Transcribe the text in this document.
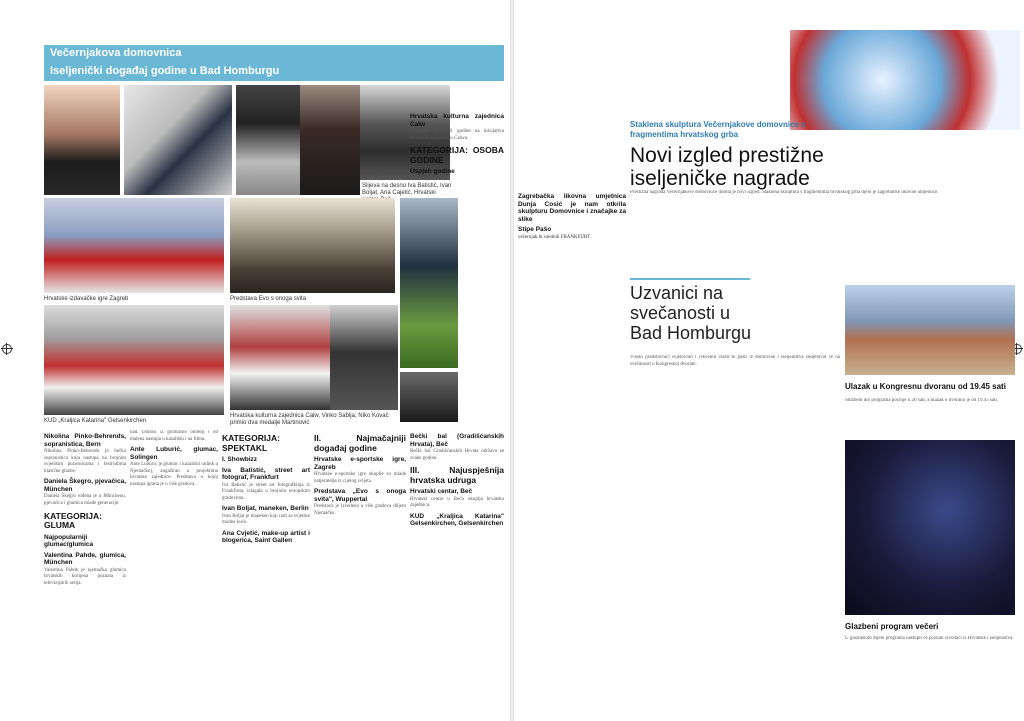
Večernjakova domovnica
Iseljenički događaj godine u Bad Homburgu
Slijeva na desno Iva Batistić, Ivan Boljat, Ana Cajetić, Hrvatski
Hrvatske izdavačke igre Zagreb	Predstava Evo s onoga svita
KUD „Kraljica Katarina" Gelsenkirchen
Hrvatska kulturna zajednica Calw, Vinko Sablja, Niko Kovač primio dva medalje Martinović
Nikolina Pinko-Behrends, sopranistica, Bern

Nikolina Pinko-Behrends je bečka sopranistica koja nastupa na brojnim svjetskim pozornicama i festivalima klasične glazbe.

Daniela Škegro, pjevačica, München

Daniela Škegro rođena je u Münchenu, pjevačica i glumica mlađe generacije.

KATEGORIJA: GLUMA
Najpopularniji glumac/glumica
Valentina Pahde, glumica, München

Valentina Pahde je njemačka glumica hrvatskih korijena poznata iz televizijskih serija.

nad. Donosi iz glumačke obitelji i od malena nastupa u kazalištu i na filmu.

Ante Luburić, glumac, Solingen

Ante Luburić je glumac i kazališni radnik u Njemačkoj, angažiran u projektima hrvatske zajednice. Predstava u kojoj nastupa igrana je u više gradova.

KATEGORIJA: SPEKTAKL
I. Showbizz
Iva Batistić, street art fotograf, Frankfurt

Iva Batistić je street art fotografkinja iz Frankfurta, izlagala u brojnim europskim gradovima.

Ivan Boljat, maneken, Berlin

Ivan Boljat je maneken koji radi za svjetske modne kuće.

Ana Cvjetić, make-up artist i blogerica, Saint Gallen
II. Najmačajniji događaj godine
Hrvatske e-sportske igre, Zagreb

Hrvatske e-sportske igre okupile su mlade natjecatelje iz cijelog svijeta.

Predstava „Evo s onoga svita", Wuppertal

Predstava je izvedena u više gradova diljem Njemačke.

Bečki bal (Gradišćanskih Hrvata), Beč

Bečki bal Gradišćanskih Hrvata održava se svake godine.

III. Najuspješnija hrvatska udruga
Hrvatski centar, Beč

Hrvatski centar u Beču okuplja hrvatsku zajednicu.

KUD „Kraljica Katarina" Gelsenkirchen, Gelsenkirchen
Hrvatska kulturna zajednica Calw

Osnovana je 1998. godine na inicijativu hrvatskih iseljenika u Calwu.

KATEGORIJA: OSOBA GODINE
Uspjeh godine
Staklena skulptura Večernjakove domovnice s fragmentima hrvatskog grba
Novi izgled prestižne iseljeničke nagrade
Zagrebačka likovna umjetnica Dunja Cosić je nam otkrila skulpturu Domovnice i značajke za slike
Stipe Pašo

večernjak.hr urednik FRANKFURT

Prestižna nagrada Večernjakove domovnice dobila je novi izgled. Staklena skulptura s fragmentima hrvatskog grba djelo je zagrebačke likovne umjetnice.

Uzvanici na svečanosti u Bad Homburgu

Visoki predstavnici svjetovnih i crkvenih vlasti te gosti iz domovine i iseljeništva sudjelovat će na svečanosti u Kongresnoj dvorani.

Ulazak u Kongresnu dvoranu od 19.45 sati

Službeni dio programa počinje u 20 sati, a ulazak u dvoranu je od 19.45 sati.

Glazbeni program večeri

U glazbenom dijelu programa nastupit će poznati izvođači iz Hrvatske i iseljeništva.
